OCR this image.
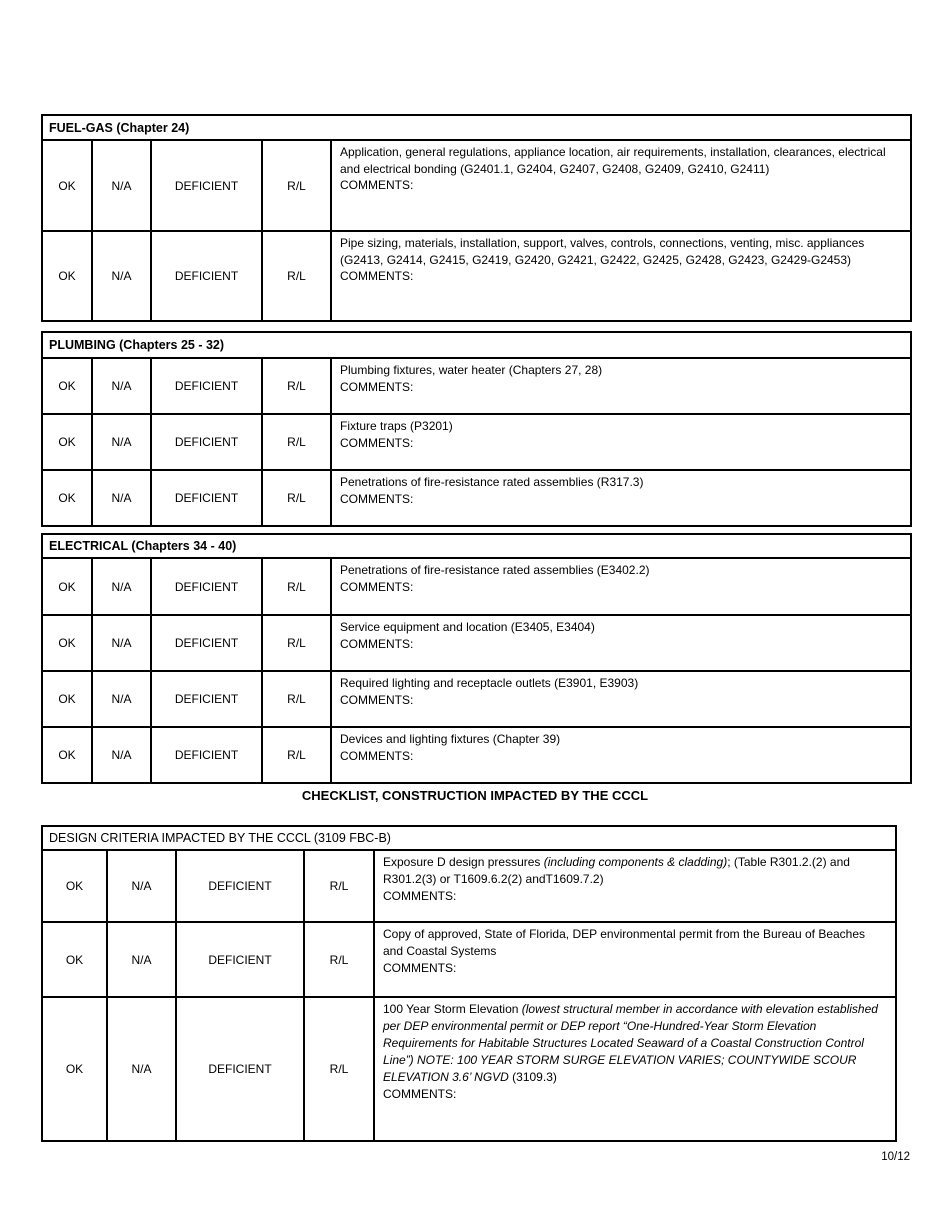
CHECKLIST, CONSTRUCTION IMPACTED BY THE CCCL
10/12
FUEL-GAS (Chapter 24)				
OK	N/A	DEFICIENT	R/L	Application, general regulations, appliance location, air requirements, installation, clearances, electrical and electrical bonding (G2401.1, G2404, G2407, G2408, G2409, G2410, G2411)
COMMENTS:

OK	N/A	DEFICIENT	R/L	Pipe sizing, materials, installation, support, valves, controls, connections, venting, misc. appliances (G2413, G2414, G2415, G2419, G2420, G2421, G2422, G2425, G2428, G2423, G2429-G2453)
COMMENTS:
PLUMBING (Chapters 25 - 32)				
OK	N/A	DEFICIENT	R/L	Plumbing fixtures, water heater (Chapters 27, 28)
COMMENTS:

OK	N/A	DEFICIENT	R/L	Fixture traps (P3201)
COMMENTS:

OK	N/A	DEFICIENT	R/L	Penetrations of fire-resistance rated assemblies (R317.3)
COMMENTS:
ELECTRICAL (Chapters 34 - 40)				
OK	N/A	DEFICIENT	R/L	Penetrations of fire-resistance rated assemblies (E3402.2)
COMMENTS:

OK	N/A	DEFICIENT	R/L	Service equipment and location (E3405, E3404)
COMMENTS:

OK	N/A	DEFICIENT	R/L	Required lighting and receptacle outlets (E3901, E3903)
COMMENTS:

OK	N/A	DEFICIENT	R/L	Devices and lighting fixtures (Chapter 39)
COMMENTS:
DESIGN CRITERIA IMPACTED BY THE CCCL (3109 FBC-B)				
OK	N/A	DEFICIENT	R/L	Exposure D design pressures (including components & cladding); (Table R301.2.(2) and R301.2(3) or T1609.6.2(2) andT1609.7.2)
COMMENTS:

OK	N/A	DEFICIENT	R/L	Copy of approved, State of Florida, DEP environmental permit from the Bureau of Beaches and Coastal Systems
COMMENTS:

OK	N/A	DEFICIENT	R/L	100 Year Storm Elevation (lowest structural member in accordance with elevation established per DEP environmental permit or DEP report “One-Hundred-Year Storm Elevation Requirements for Habitable Structures Located Seaward of a Coastal Construction Control Line”) NOTE: 100 YEAR STORM SURGE ELEVATION VARIES; COUNTYWIDE SCOUR ELEVATION 3.6’ NGVD (3109.3)
COMMENTS:
